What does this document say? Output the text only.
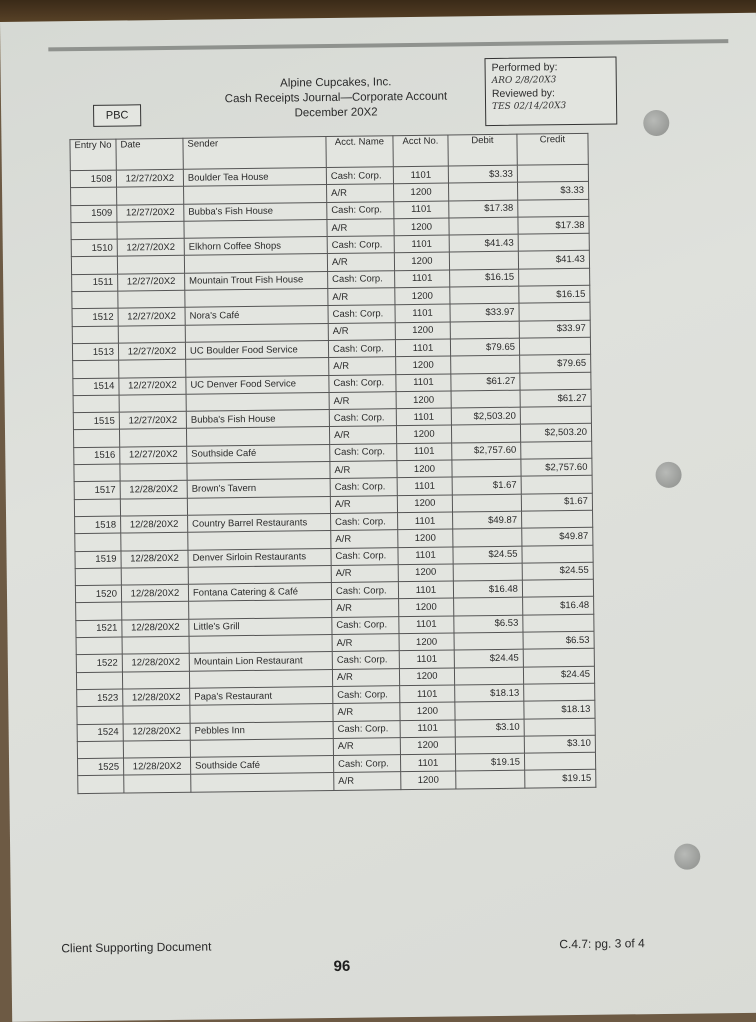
PBC
Alpine Cupcakes, Inc.
Cash Receipts Journal—Corporate Account
December 20X2
Performed by:
ARO 2/8/20X3
Reviewed by:
TES 02/14/20X3
Entry No	Date	Sender	Acct. Name	Acct No.	Debit	Credit
1508	12/27/20X2	Boulder Tea House	Cash: Corp.	1101	$3.33	
			A/R	1200		$3.33
1509	12/27/20X2	Bubba's Fish House	Cash: Corp.	1101	$17.38	
			A/R	1200		$17.38
1510	12/27/20X2	Elkhorn Coffee Shops	Cash: Corp.	1101	$41.43	
			A/R	1200		$41.43
1511	12/27/20X2	Mountain Trout Fish House	Cash: Corp.	1101	$16.15	
			A/R	1200		$16.15
1512	12/27/20X2	Nora's Café	Cash: Corp.	1101	$33.97	
			A/R	1200		$33.97
1513	12/27/20X2	UC Boulder Food Service	Cash: Corp.	1101	$79.65	
			A/R	1200		$79.65
1514	12/27/20X2	UC Denver Food Service	Cash: Corp.	1101	$61.27	
			A/R	1200		$61.27
1515	12/27/20X2	Bubba's Fish House	Cash: Corp.	1101	$2,503.20	
			A/R	1200		$2,503.20
1516	12/27/20X2	Southside Café	Cash: Corp.	1101	$2,757.60	
			A/R	1200		$2,757.60
1517	12/28/20X2	Brown's Tavern	Cash: Corp.	1101	$1.67	
			A/R	1200		$1.67
1518	12/28/20X2	Country Barrel Restaurants	Cash: Corp.	1101	$49.87	
			A/R	1200		$49.87
1519	12/28/20X2	Denver Sirloin Restaurants	Cash: Corp.	1101	$24.55	
			A/R	1200		$24.55
1520	12/28/20X2	Fontana Catering & Café	Cash: Corp.	1101	$16.48	
			A/R	1200		$16.48
1521	12/28/20X2	Little's Grill	Cash: Corp.	1101	$6.53	
			A/R	1200		$6.53
1522	12/28/20X2	Mountain Lion Restaurant	Cash: Corp.	1101	$24.45	
			A/R	1200		$24.45
1523	12/28/20X2	Papa's Restaurant	Cash: Corp.	1101	$18.13	
			A/R	1200		$18.13
1524	12/28/20X2	Pebbles Inn	Cash: Corp.	1101	$3.10	
			A/R	1200		$3.10
1525	12/28/20X2	Southside Café	Cash: Corp.	1101	$19.15	
			A/R	1200		$19.15
Client Supporting Document	C.4.7: pg. 3 of 4
96
